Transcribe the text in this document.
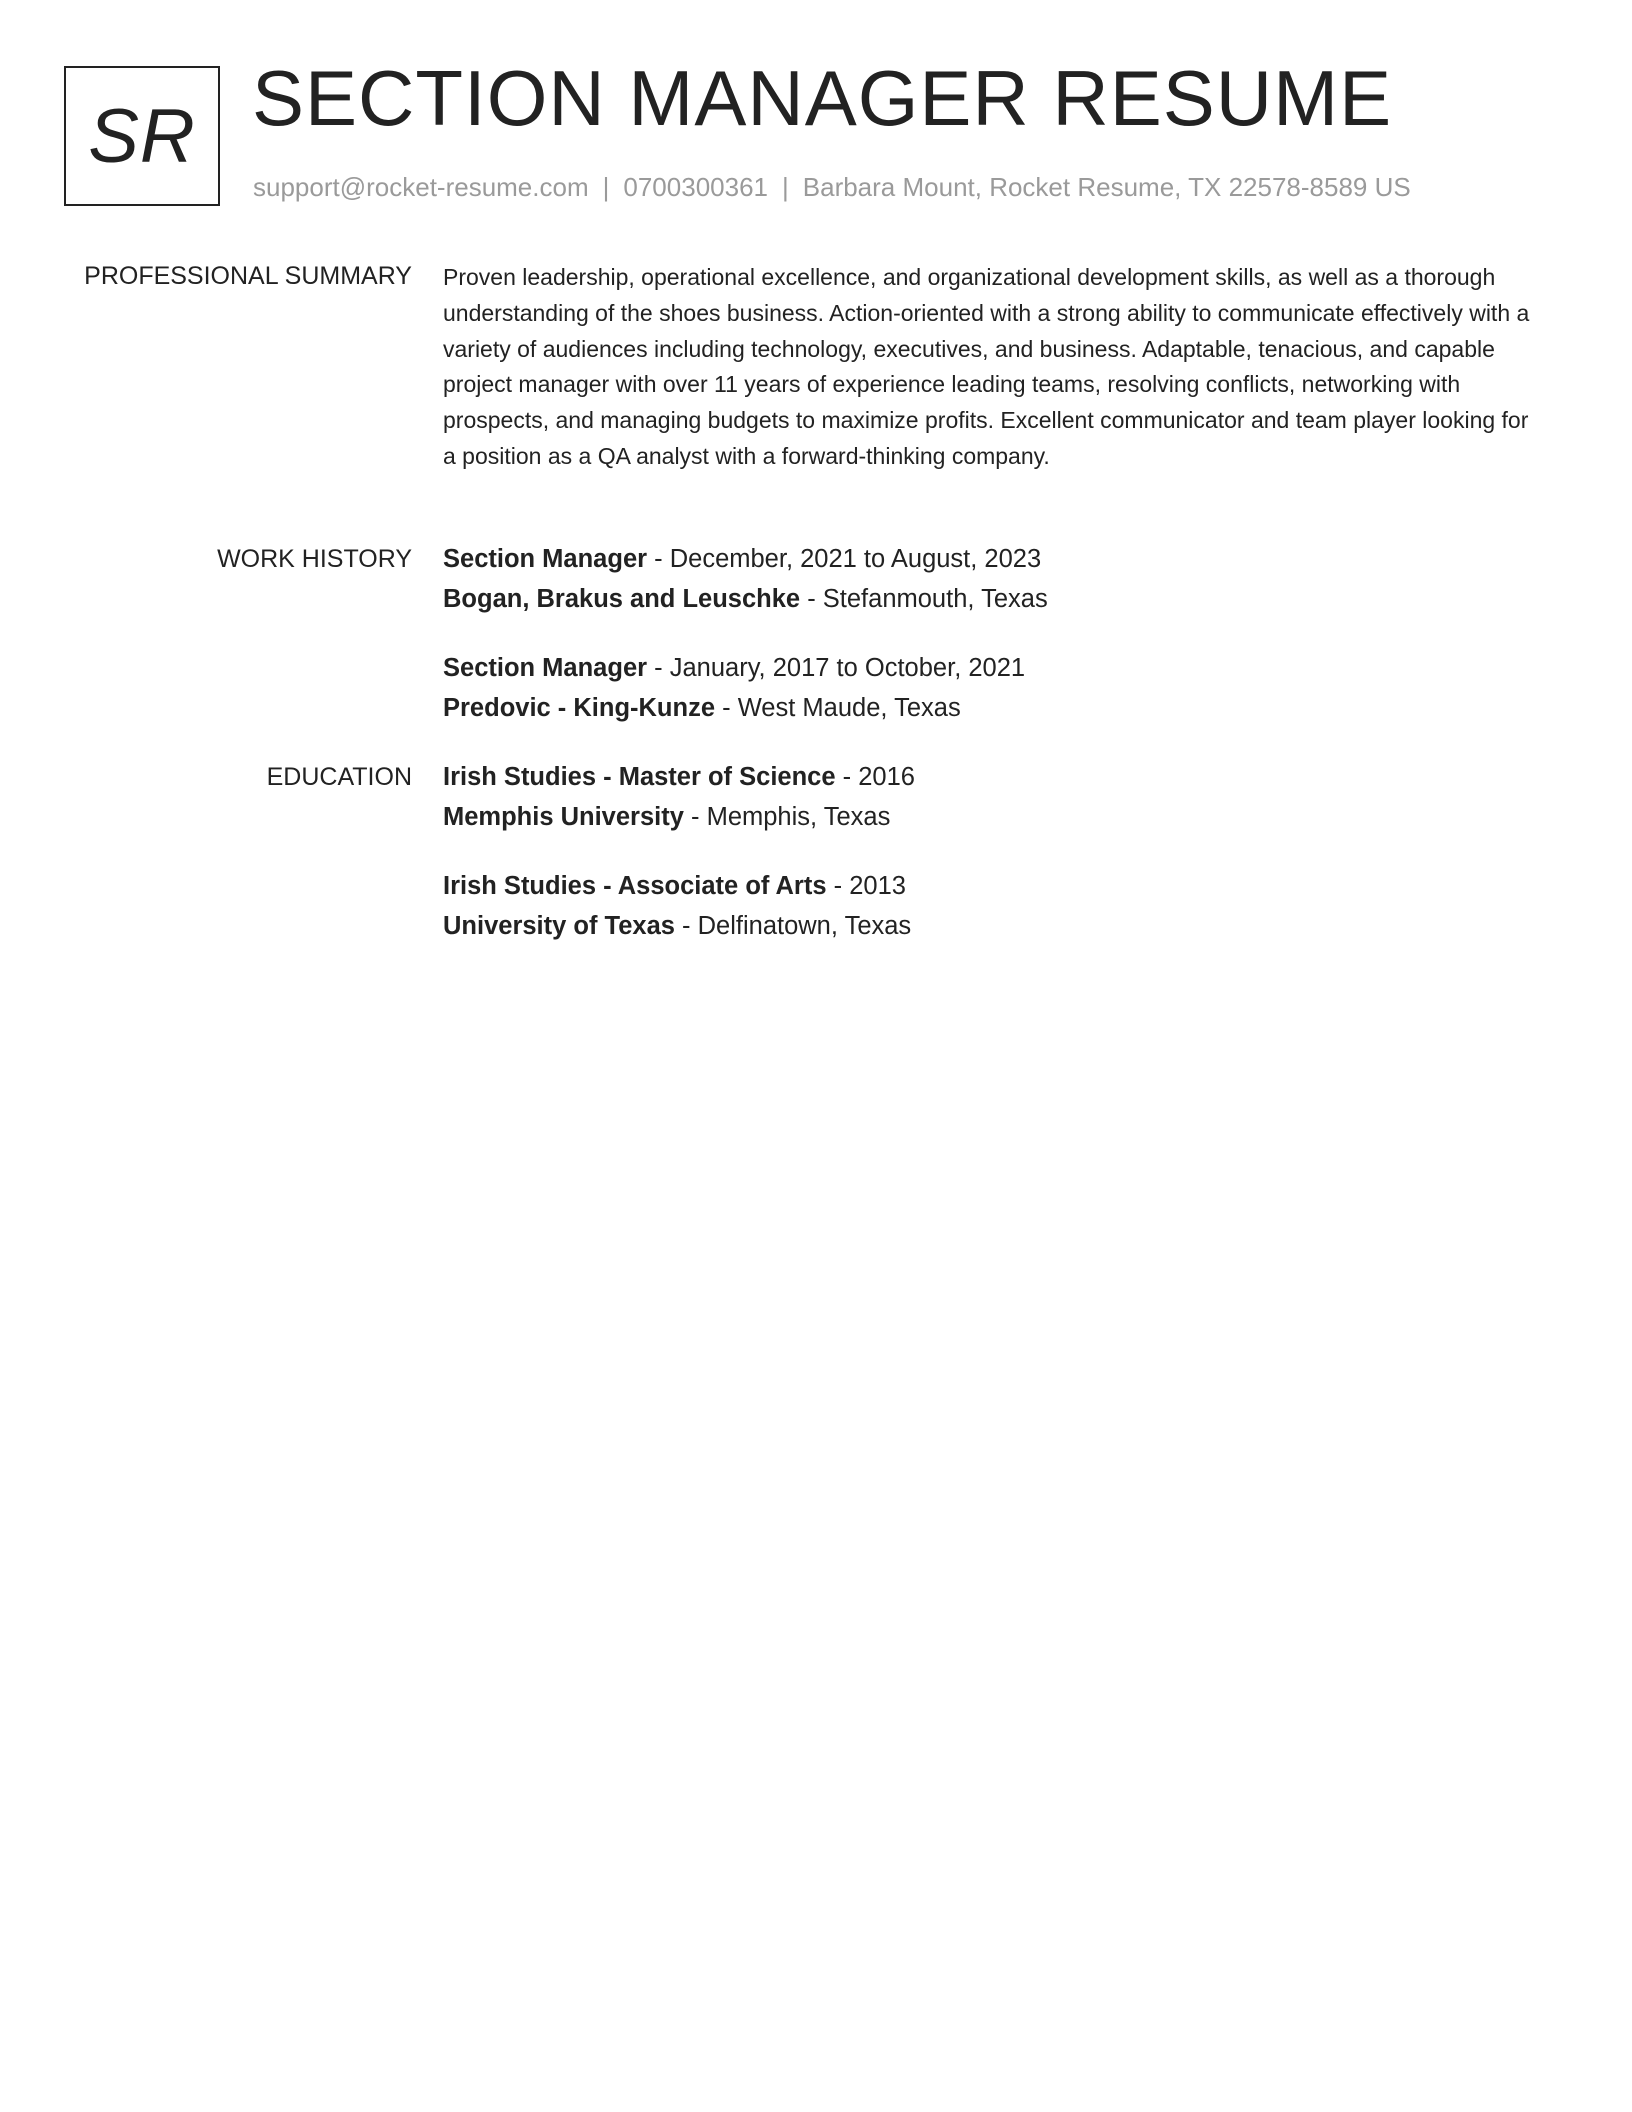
SR SECTION MANAGER RESUME
support@rocket-resume.com | 0700300361 | Barbara Mount, Rocket Resume, TX 22578-8589 US
PROFESSIONAL SUMMARY Proven leadership, operational excellence, and organizational development skills, as well as a thorough understanding of the shoes business. Action-oriented with a strong ability to communicate effectively with a variety of audiences including technology, executives, and business. Adaptable, tenacious, and capable project manager with over 11 years of experience leading teams, resolving conflicts, networking with prospects, and managing budgets to maximize profits. Excellent communicator and team player looking for a position as a QA analyst with a forward-thinking company.

WORK HISTORY Section Manager - December, 2021 to August, 2023
Bogan, Brakus and Leuschke - Stefanmouth, Texas
Section Manager - January, 2017 to October, 2021
Predovic - King-Kunze - West Maude, Texas
EDUCATION Irish Studies - Master of Science - 2016
Memphis University - Memphis, Texas
Irish Studies - Associate of Arts - 2013
University of Texas - Delfinatown, Texas
